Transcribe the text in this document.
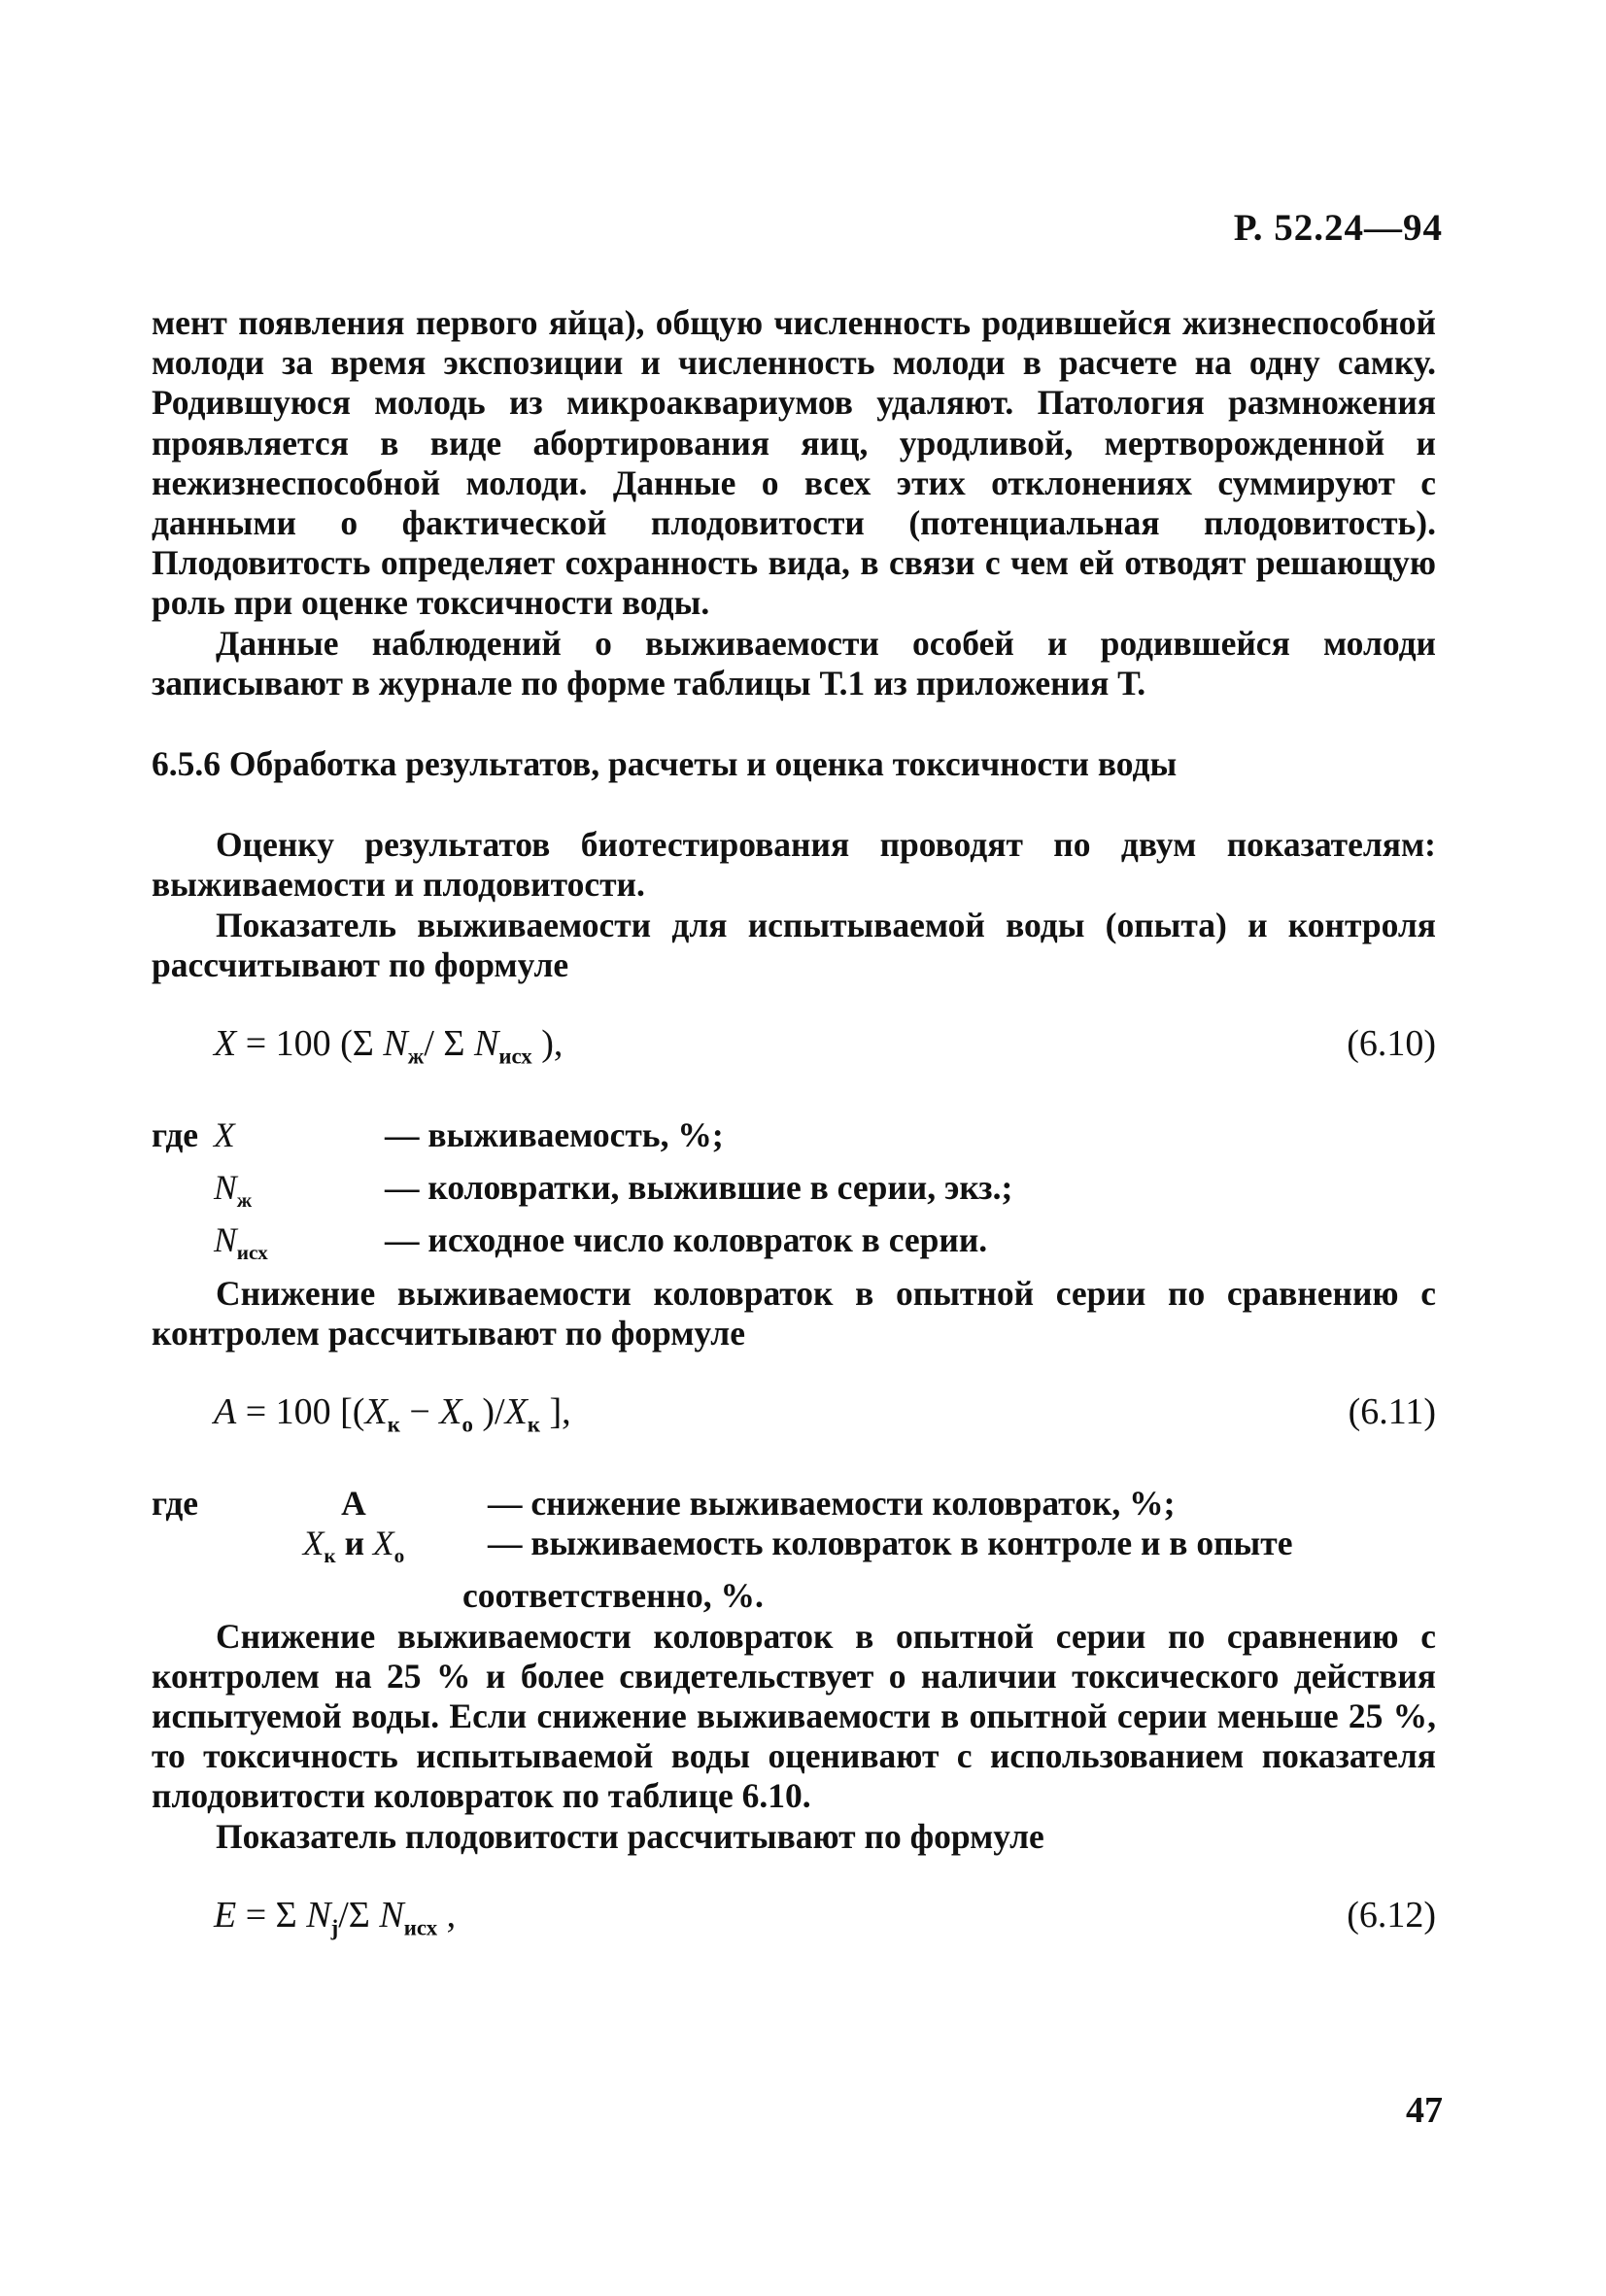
Р. 52.24—94

мент появления первого яйца), общую численность родившейся жизнеспособной молоди за время экспозиции и численность молоди в расчете на одну самку. Родившуюся молодь из микроаквариумов удаляют. Патология размножения проявляется в виде абортирования яиц, уродливой, мертворожденной и нежизнеспособной молоди. Данные о всех этих отклонениях суммируют с данными о фактической плодовитости (потенциальная плодовитость). Плодовитость определяет сохранность вида, в связи с чем ей отводят решающую роль при оценке токсичности воды.

Данные наблюдений о выживаемости особей и родившейся молоди записывают в журнале по форме таблицы Т.1 из приложения Т.

6.5.6 Обработка результатов, расчеты и оценка токсичности воды

Оценку результатов биотестирования проводят по двум показателям: выживаемости и плодовитости.

Показатель выживаемости для испытываемой воды (опыта) и контроля рассчитывают по формуле

X = 100 (Σ $N_ж/$ Σ $N_{исх}$ ),	(6.10)
где X	— выживаемость, %;
$N_ж$	— коловратки, выжившие в серии, экз.;
$N_{исх}$	— исходное число коловраток в серии.

Снижение выживаемости коловраток в опытной серии по сравнению с контролем рассчитывают по формуле

A = 100 [($X_к - X_о$ )$/X_к$ ],	(6.11)
где	А	— снижение выживаемости коловраток, %;
$X_к$ и $X_о$	— выживаемость коловраток в контроле и в опыте
соответственно, %.

Снижение выживаемости коловраток в опытной серии по сравнению с контролем на 25 % и более свидетельствует о наличии токсического действия испытуемой воды. Если снижение выживаемости в опытной серии меньше 25 %, то токсичность испытываемой воды оценивают с использованием показателя плодовитости коловраток по таблице 6.10.

Показатель плодовитости рассчитывают по формуле

E = Σ $N_j/\Sigma$ $N_{исх}$ ,	(6.12)
47
